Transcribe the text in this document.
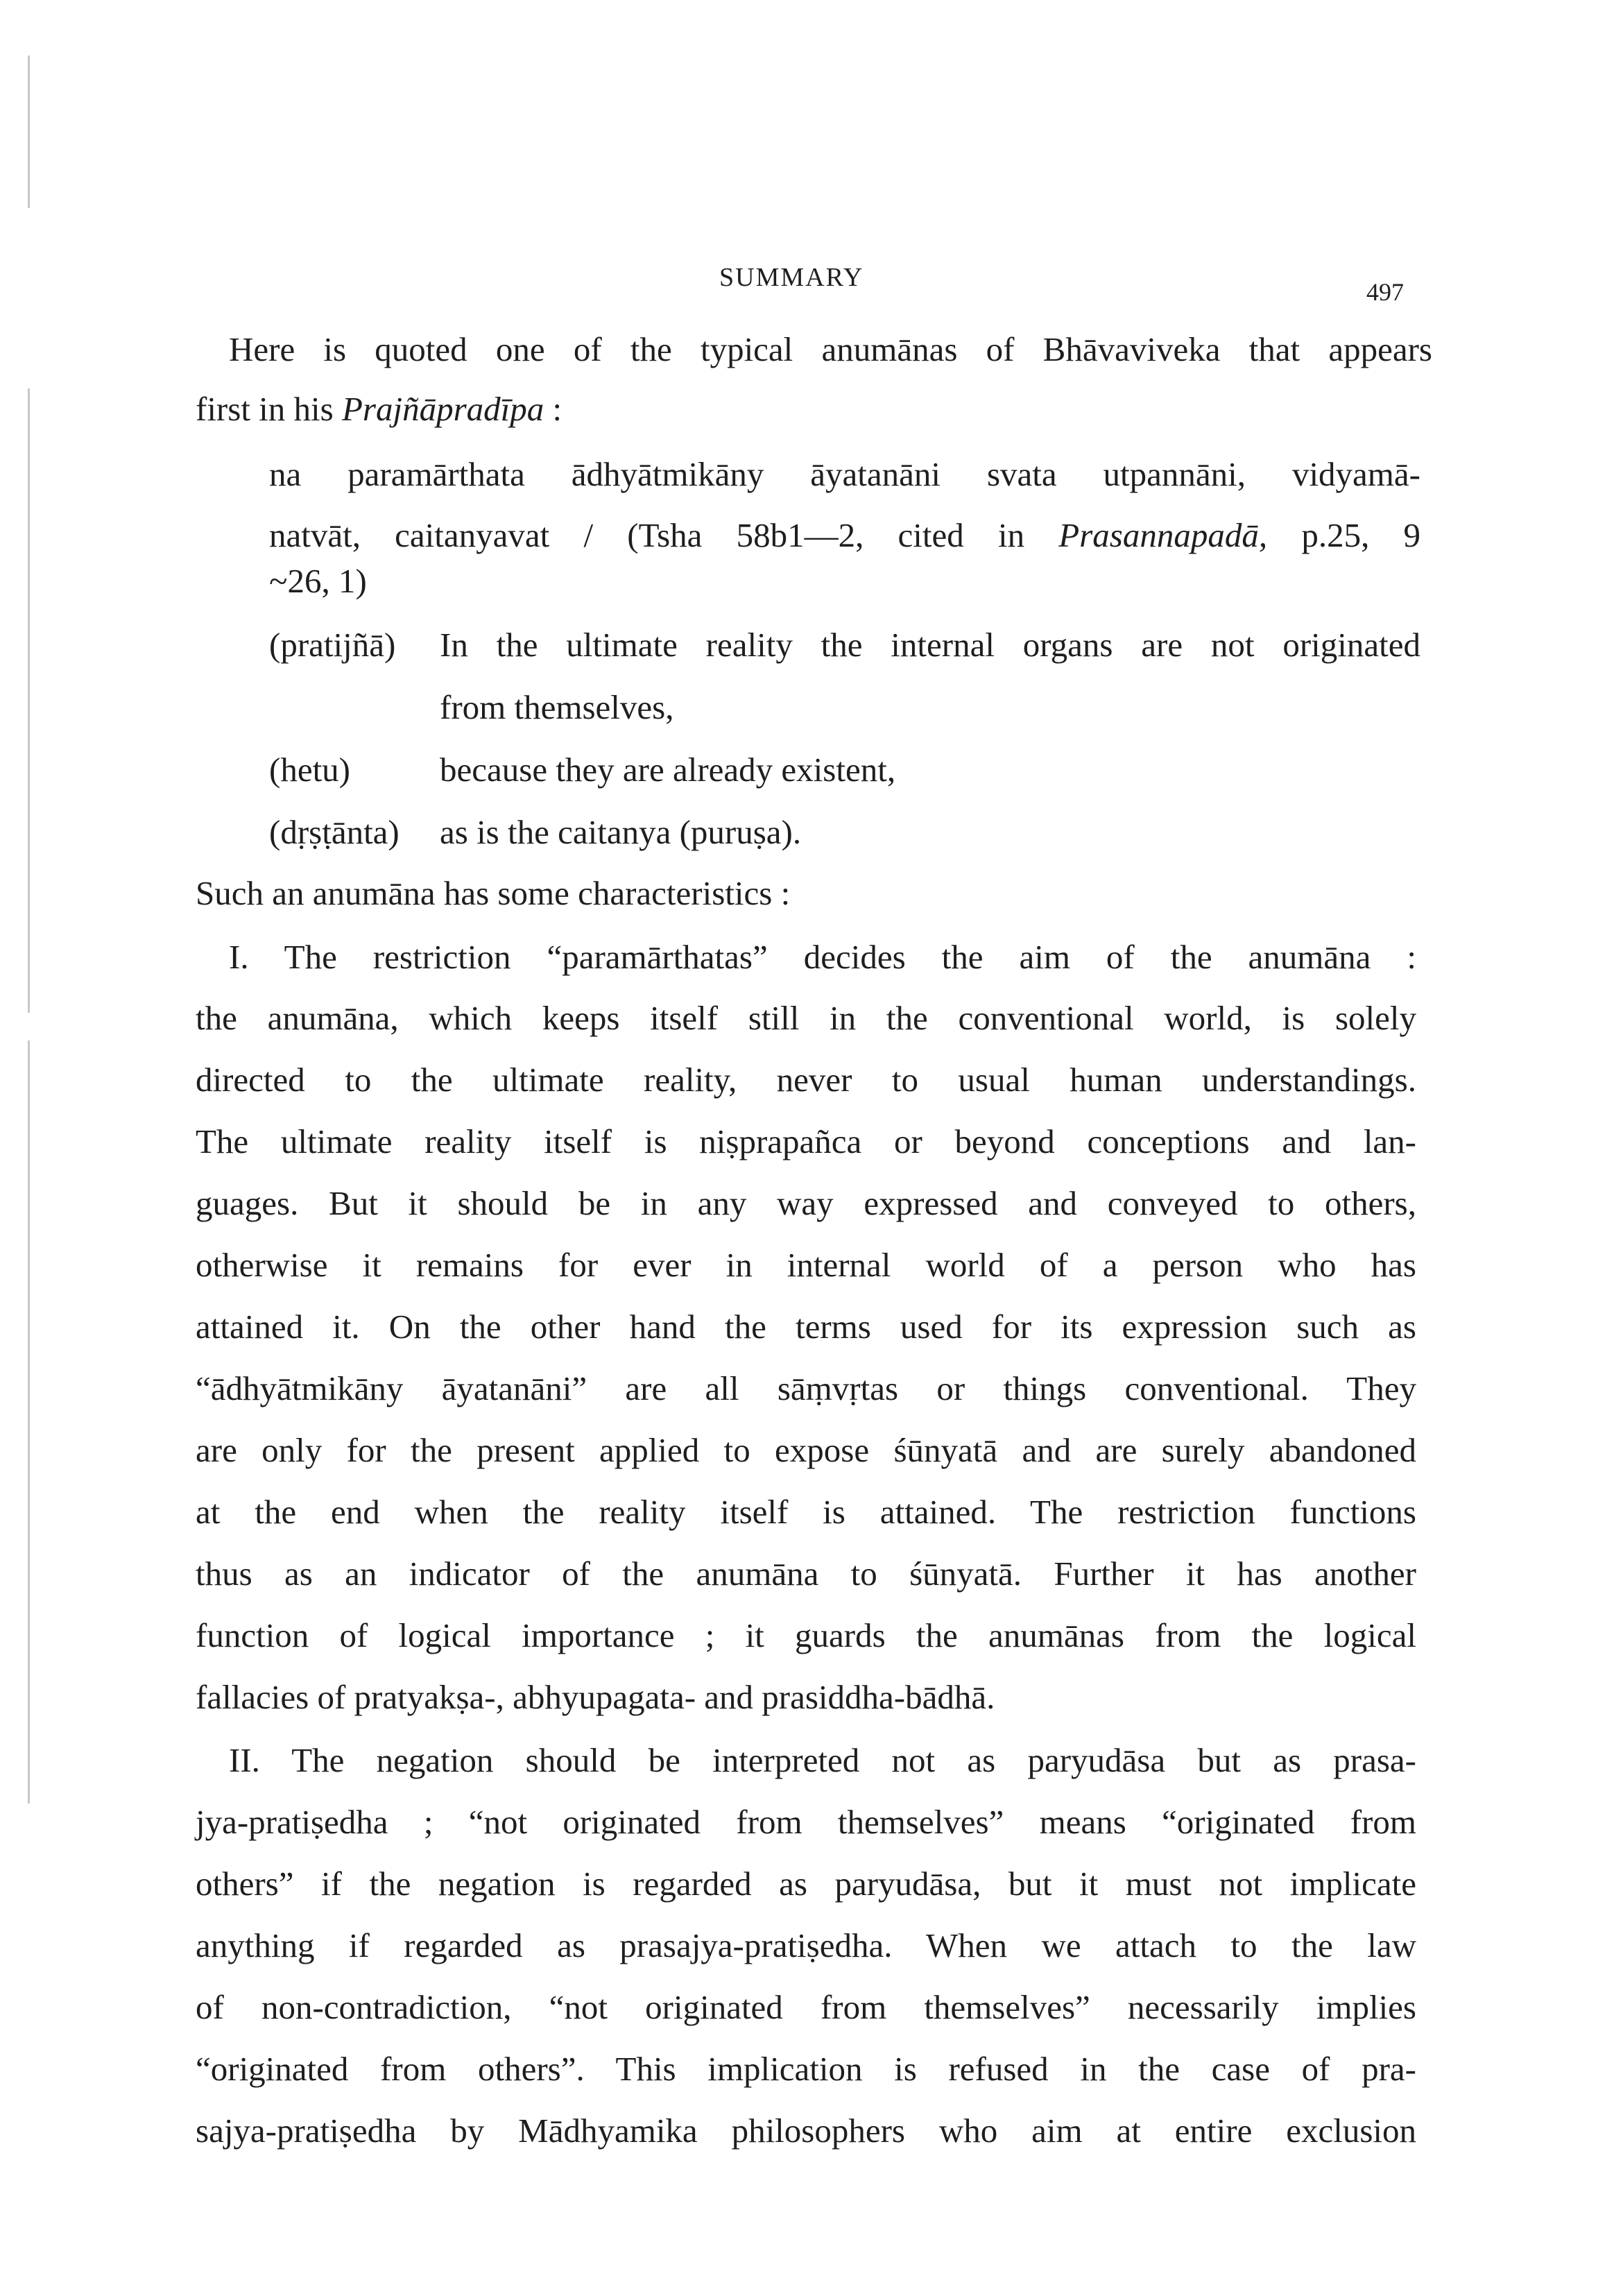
SUMMARY	497
Here is quoted one of the typical anumānas of Bhāvaviveka that appears
first in his Prajñāpradīpa :
na paramārthata ādhyātmikāny āyatanāni svata utpannāni, vidyamā-
natvāt, caitanyavat / (Tsha 58b1—2, cited in Prasannapadā, p.25, 9
~26, 1)
(pratijñā) In the ultimate reality the internal organs are not originated
from themselves,
(hetu)	because they are already existent,
(dṛṣṭānta) as is the caitanya (puruṣa).
Such an anumāna has some characteristics :
I. The restriction “paramārthatas” decides the aim of the anumāna :
the anumāna, which keeps itself still in the conventional world, is solely
directed to the ultimate reality, never to usual human understandings.
The ultimate reality itself is niṣprapañca or beyond conceptions and lan-
guages. But it should be in any way expressed and conveyed to others,
otherwise it remains for ever in internal world of a person who has
attained it. On the other hand the terms used for its expression such as
“ādhyātmikāny āyatanāni” are all sāṃvṛtas or things conventional. They
are only for the present applied to expose śūnyatā and are surely abandoned
at the end when the reality itself is attained. The restriction functions
thus as an indicator of the anumāna to śūnyatā. Further it has another
function of logical importance ; it guards the anumānas from the logical
fallacies of pratyakṣa-, abhyupagata- and prasiddha-bādhā.
II. The negation should be interpreted not as paryudāsa but as prasa-
jya-pratiṣedha ; “not originated from themselves” means “originated from
others” if the negation is regarded as paryudāsa, but it must not implicate
anything if regarded as prasajya-pratiṣedha. When we attach to the law
of non-contradiction, “not originated from themselves” necessarily implies
“originated from others”. This implication is refused in the case of pra-
sajya-pratiṣedha by Mādhyamika philosophers who aim at entire exclusion
